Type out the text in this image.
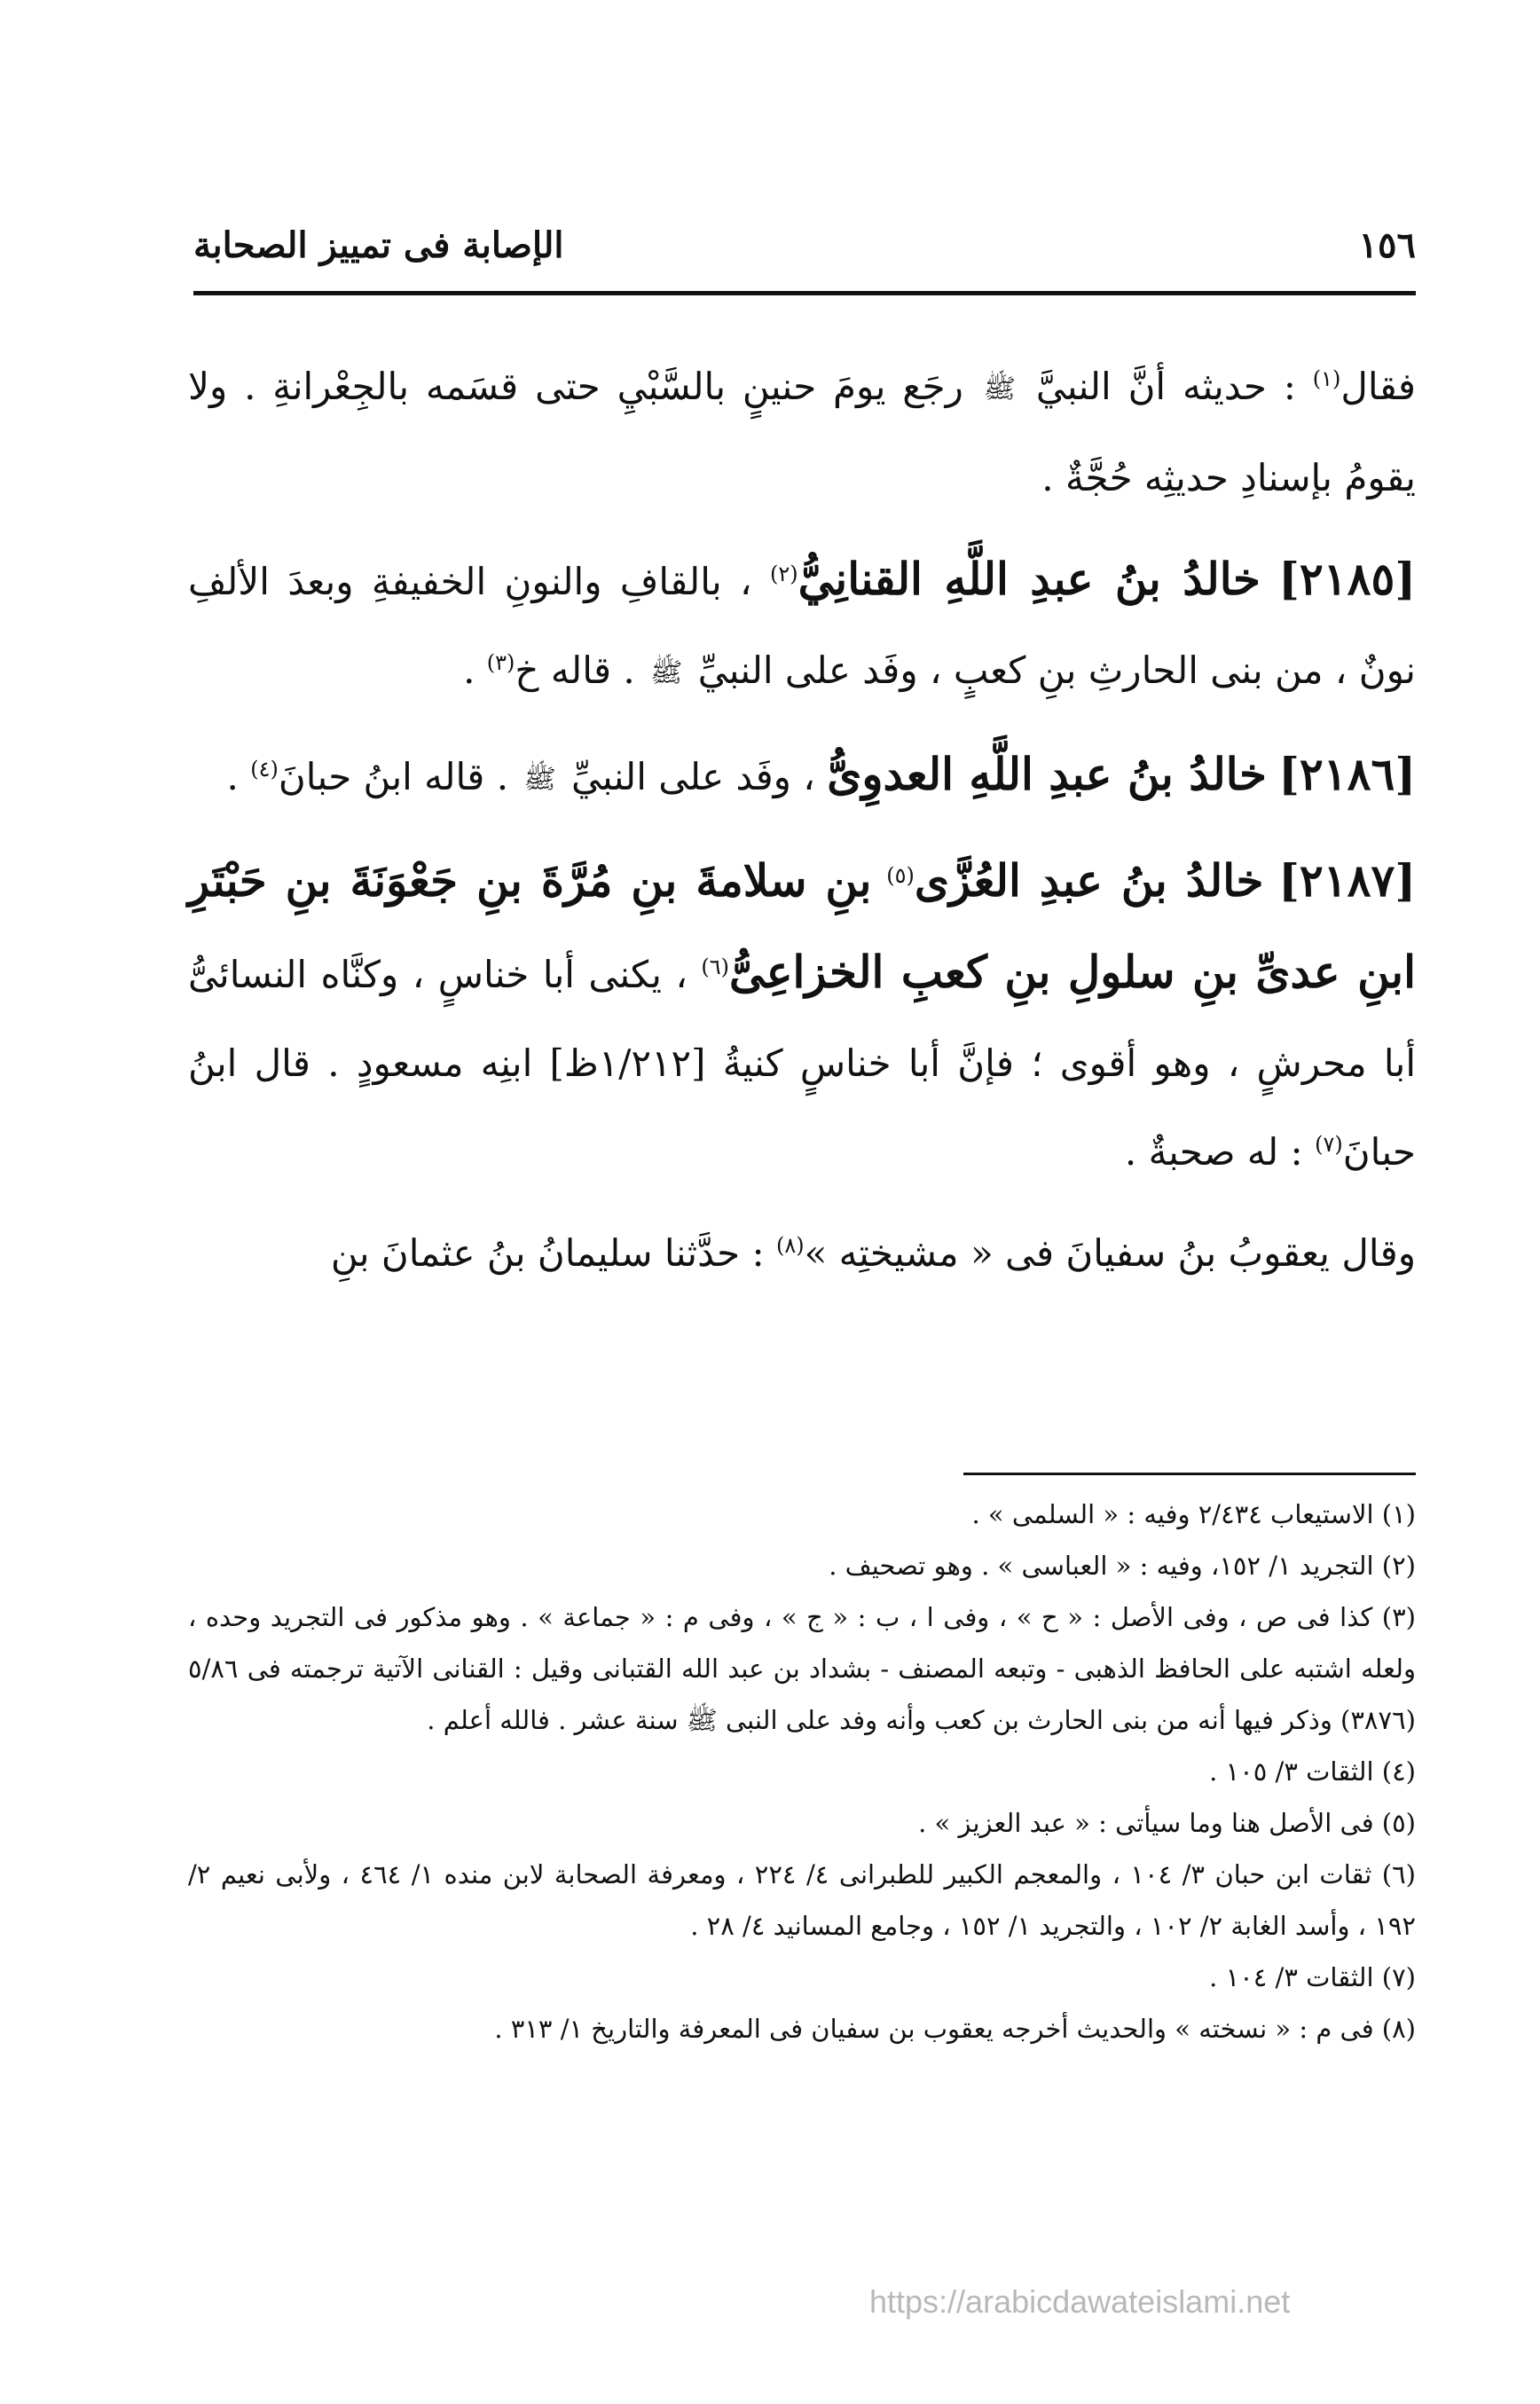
١٥٦
الإصابة فى تمييز الصحابة

فقال$^{(١)}$ : حديثه أنَّ النبيَّ ﷺ رجَع يومَ حنينٍ بالسَّبْيِ حتى قسَمه بالجِعْرانةِ . ولا يقومُ بإسنادِ حديثِه حُجَّةٌ .

[٢١٨٥] خالدُ بنُ عبدِ اللَّهِ القنانِيُّ$^{(٢)}$ ، بالقافِ والنونِ الخفيفةِ وبعدَ الألفِ نونٌ ، من بنى الحارثِ بنِ كعبٍ ، وفَد على النبيِّ ﷺ . قاله خ$^{(٣)}$ .

[٢١٨٦] خالدُ بنُ عبدِ اللَّهِ العدوِىُّ ، وفَد على النبيِّ ﷺ . قاله ابنُ حبانَ$^{(٤)}$ .

[٢١٨٧] خالدُ بنُ عبدِ العُزَّى$^{(٥)}$ بنِ سلامةَ بنِ مُرَّةَ بنِ جَعْوَنَةَ بنِ حَبْتَرِ ابنِ عدىِّ بنِ سلولِ بنِ كعبِ الخزاعِىُّ$^{(٦)}$ ، يكنى أبا خناسٍ ، وكنَّاه النسائىُّ أبا محرشٍ ، وهو أقوى ؛ فإنَّ أبا خناسٍ كنيةُ [١/٢١٢ظ] ابنِه مسعودٍ . قال ابنُ حبانَ$^{(٧)}$ : له صحبةٌ .

وقال يعقوبُ بنُ سفيانَ فى « مشيختِه »$^{(٨)}$ : حدَّثنا سليمانُ بنُ عثمانَ بنِ

(١) الاستيعاب ٢/٤٣٤ وفيه : « السلمى » .

(٢) التجريد ١/ ١٥٢، وفيه : « العباسى » . وهو تصحيف .

(٣) كذا فى ص ، وفى الأصل : « ح » ، وفى ا ، ب : « ج » ، وفى م : « جماعة » . وهو مذكور فى التجريد وحده ، ولعله اشتبه على الحافظ الذهبى - وتبعه المصنف - بشداد بن عبد الله القتبانى وقيل : القنانى الآتية ترجمته فى ٥/٨٦ (٣٨٧٦) وذكر فيها أنه من بنى الحارث بن كعب وأنه وفد على النبى ﷺ سنة عشر . فالله أعلم .

(٤) الثقات ٣/ ١٠٥ .

(٥) فى الأصل هنا وما سيأتى : « عبد العزيز » .

(٦) ثقات ابن حبان ٣/ ١٠٤ ، والمعجم الكبير للطبرانى ٤/ ٢٢٤ ، ومعرفة الصحابة لابن منده ١/ ٤٦٤ ، ولأبى نعيم ٢/ ١٩٢ ، وأسد الغابة ٢/ ١٠٢ ، والتجريد ١/ ١٥٢ ، وجامع المسانيد ٤/ ٢٨ .

(٧) الثقات ٣/ ١٠٤ .

(٨) فى م : « نسخته » والحديث أخرجه يعقوب بن سفيان فى المعرفة والتاريخ ١/ ٣١٣ .

https://arabicdawateislami.net
